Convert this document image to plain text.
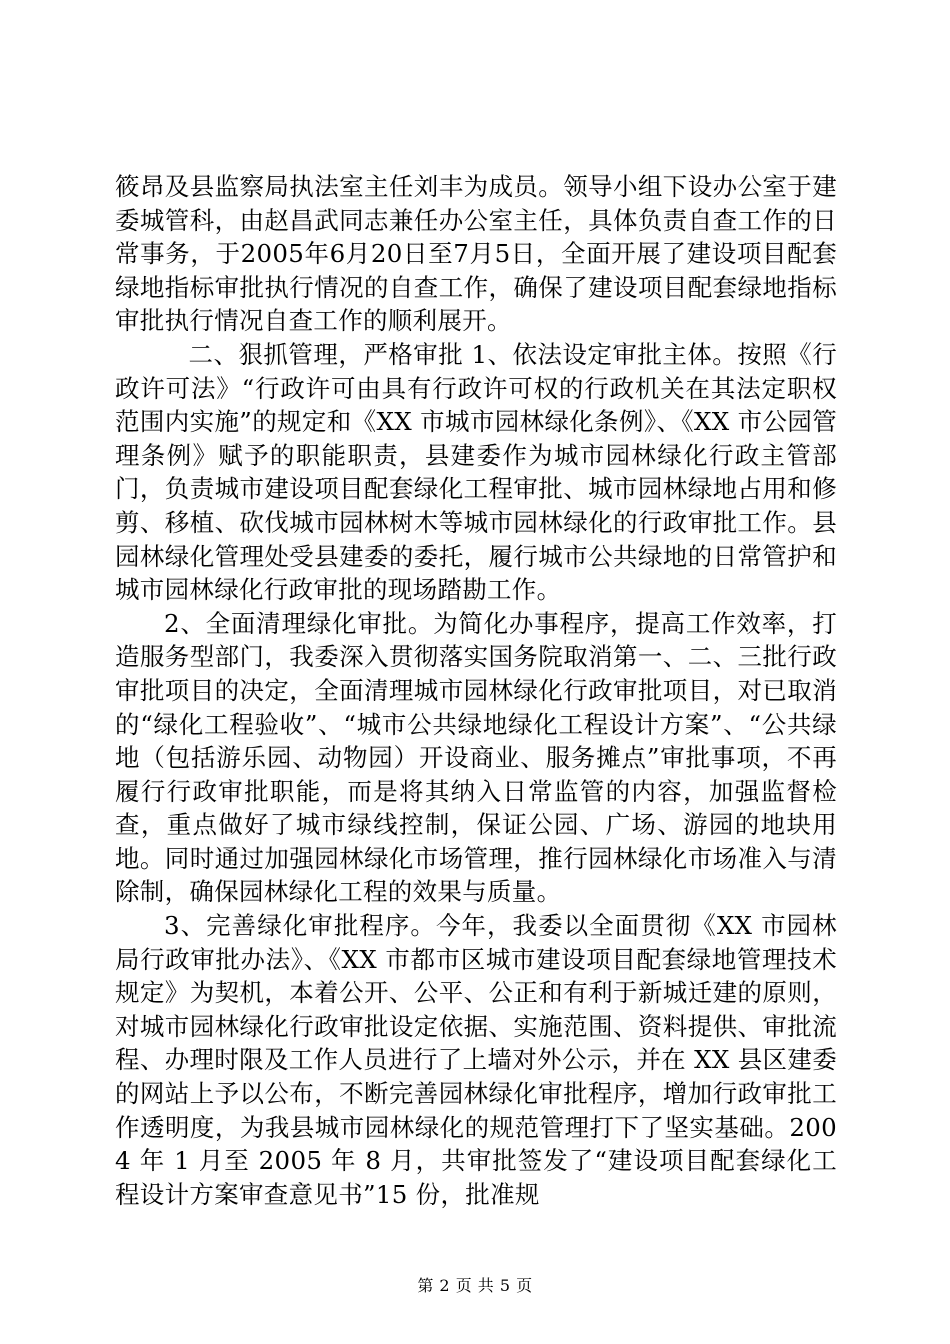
筱昂及县监察局执法室主任刘丰为成员。领导小组下设办公室于建委城管科，由赵昌武同志兼任办公室主任，具体负责自查工作的日常事务，于2005年6月20日至7月5日，全面开展了建设项目配套绿地指标审批执行情况的自查工作，确保了建设项目配套绿地指标审批执行情况自查工作的顺利展开。

二、狠抓管理，严格审批 1、依法设定审批主体。按照《行政许可法》“行政许可由具有行政许可权的行政机关在其法定职权范围内实施”的规定和《XX 市城市园林绿化条例》、《XX 市公园管理条例》赋予的职能职责，县建委作为城市园林绿化行政主管部门，负责城市建设项目配套绿化工程审批、城市园林绿地占用和修剪、移植、砍伐城市园林树木等城市园林绿化的行政审批工作。县园林绿化管理处受县建委的委托，履行城市公共绿地的日常管护和城市园林绿化行政审批的现场踏勘工作。

2、全面清理绿化审批。为简化办事程序，提高工作效率，打造服务型部门，我委深入贯彻落实国务院取消第一、二、三批行政审批项目的决定，全面清理城市园林绿化行政审批项目，对已取消的“绿化工程验收”、“城市公共绿地绿化工程设计方案”、“公共绿地（包括游乐园、动物园）开设商业、服务摊点”审批事项，不再履行行政审批职能，而是将其纳入日常监管的内容，加强监督检查，重点做好了城市绿线控制，保证公园、广场、游园的地块用地。同时通过加强园林绿化市场管理，推行园林绿化市场准入与清除制，确保园林绿化工程的效果与质量。

3、完善绿化审批程序。今年，我委以全面贯彻《XX 市园林局行政审批办法》、《XX 市都市区城市建设项目配套绿地管理技术规定》为契机，本着公开、公平、公正和有利于新城迁建的原则，对城市园林绿化行政审批设定依据、实施范围、资料提供、审批流程、办理时限及工作人员进行了上墙对外公示，并在 XX 县区建委的网站上予以公布，不断完善园林绿化审批程序，增加行政审批工作透明度，为我县城市园林绿化的规范管理打下了坚实基础。2004 年 1 月至 2005 年 8 月，共审批签发了“建设项目配套绿化工程设计方案审查意见书”15 份，批准规

第 2 页 共 5 页
